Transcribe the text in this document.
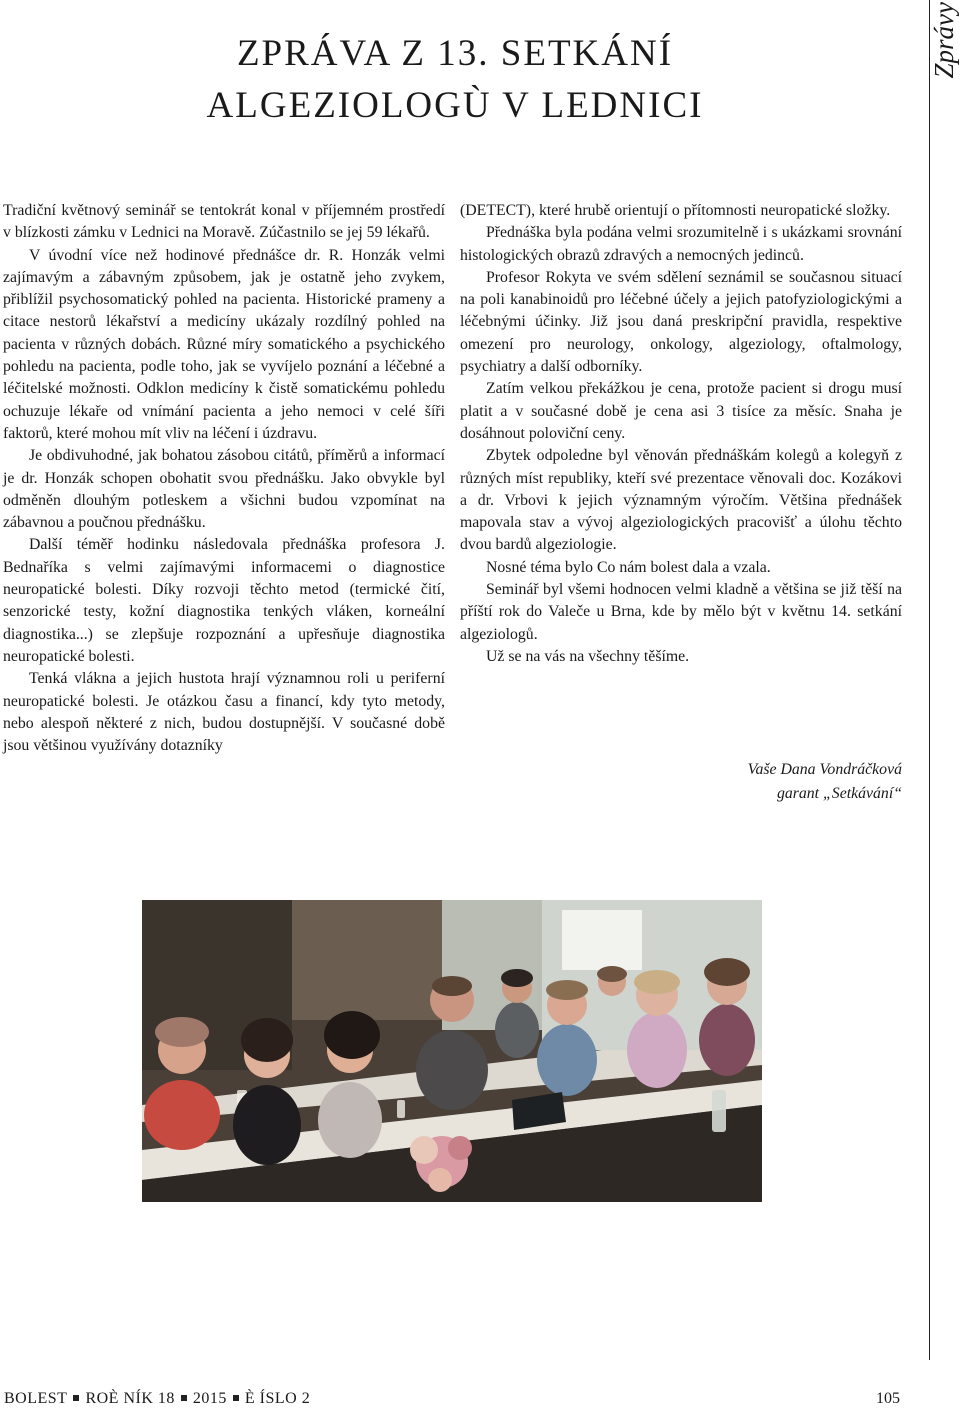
ZPRÁVA Z 13. SETKÁNÍ
ALGEZIOLOGÙ V LEDNICI
Zprávy

Tradiční květnový seminář se tentokrát konal v příjemném prostředí v blízkosti zámku v Lednici na Moravě. Zúčastnilo se jej 59 lékařů.

V úvodní více než hodinové přednášce dr. R. Honzák velmi zajímavým a zábavným způsobem, jak je ostatně jeho zvykem, přiblížil psychosomatický pohled na pacienta. Historické prameny a citace nestorů lékařství a medicíny ukázaly rozdílný pohled na pacienta v různých dobách. Různé míry somatického a psychického pohledu na pacienta, podle toho, jak se vyvíjelo poznání a léčebné a léčitelské možnosti. Odklon medicíny k čistě somatickému pohledu ochuzuje lékaře od vnímání pacienta a jeho nemoci v celé šíři faktorů, které mohou mít vliv na léčení i úzdravu.

Je obdivuhodné, jak bohatou zásobou citátů, příměrů a informací je dr. Honzák schopen obohatit svou přednášku. Jako obvykle byl odměněn dlouhým potleskem a všichni budou vzpomínat na zábavnou a poučnou přednášku.

Další téměř hodinku následovala přednáška profesora J. Bednaříka s velmi zajímavými informacemi o diagnostice neuropatické bolesti. Díky rozvoji těchto metod (termické čití, senzorické testy, kožní diagnostika tenkých vláken, korneální diagnostika...) se zlepšuje rozpoznání a upřesňuje diagnostika neuropatické bolesti.

Tenká vlákna a jejich hustota hrají významnou roli u periferní neuropatické bolesti. Je otázkou času a financí, kdy tyto metody, nebo alespoň některé z nich, budou dostupnější. V současné době jsou většinou využívány dotazníky

(DETECT), které hrubě orientují o přítomnosti neuropatické složky.

Přednáška byla podána velmi srozumitelně i s ukázkami srovnání histologických obrazů zdravých a nemocných jedinců.

Profesor Rokyta ve svém sdělení seznámil se současnou situací na poli kanabinoidů pro léčebné účely a jejich patofyziologickými a léčebnými účinky. Již jsou daná preskripční pravidla, respektive omezení pro neurology, onkology, algeziology, oftalmology, psychiatry a další odborníky.

Zatím velkou překážkou je cena, protože pacient si drogu musí platit a v současné době je cena asi 3 tisíce za měsíc. Snaha je dosáhnout poloviční ceny.

Zbytek odpoledne byl věnován přednáškám kolegů a kolegyň z různých míst republiky, kteří své prezentace věnovali doc. Kozákovi a dr. Vrbovi k jejich významným výročím. Většina přednášek mapovala stav a vývoj algeziologických pracovišť a úlohu těchto dvou bardů algeziologie.

Nosné téma bylo Co nám bolest dala a vzala.

Seminář byl všemi hodnocen velmi kladně a většina se již těší na příští rok do Valeče u Brna, kde by mělo být v květnu 14. setkání algeziologů.

Už se na vás na všechny těšíme.

Vaše Dana Vondráčková
garant „Setkávání“
BOLEST ROÈ NÍK 18 2015 È ÍSLO 2	105
